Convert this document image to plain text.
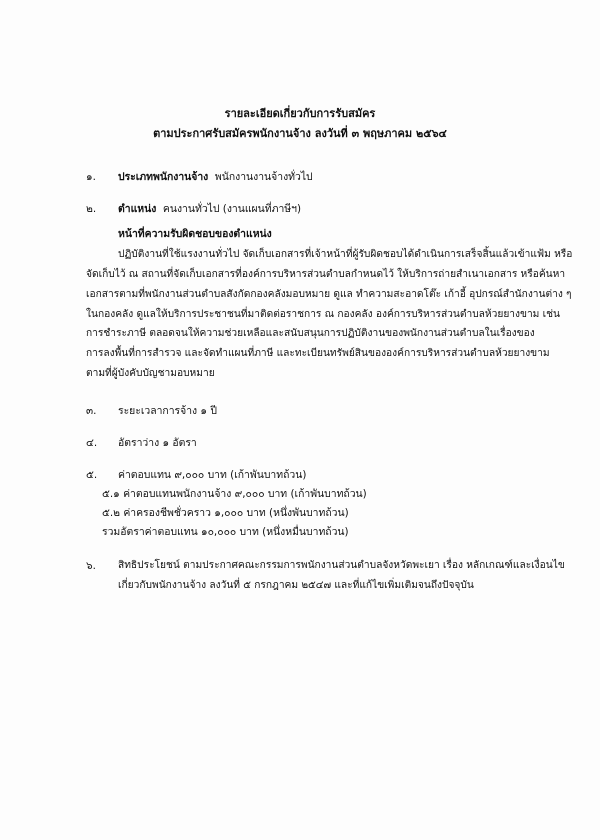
รายละเอียดเกี่ยวกับการรับสมัคร
ตามประกาศรับสมัครพนักงานจ้าง ลงวันที่ ๓ พฤษภาคม ๒๕๖๔
๑. ประเภทพนักงานจ้าง พนักงานงานจ้างทั่วไป
๒. ตำแหน่ง คนงานทั่วไป (งานแผนที่ภาษีฯ)
หน้าที่ความรับผิดชอบของตำแหน่ง
ปฏิบัติงานที่ใช้แรงงานทั่วไป จัดเก็บเอกสารที่เจ้าหน้าที่ผู้รับผิดชอบได้ดำเนินการเสร็จสิ้นแล้วเข้าแฟ้ม หรือ
จัดเก็บไว้ ณ สถานที่จัดเก็บเอกสารที่องค์การบริหารส่วนตำบลกำหนดไว้ ให้บริการถ่ายสำเนาเอกสาร หรือค้นหา
เอกสารตามที่พนักงานส่วนตำบลสังกัดกองคลังมอบหมาย ดูแล ทำความสะอาดโต๊ะ เก้าอี้ อุปกรณ์สำนักงานต่าง ๆ
ในกองคลัง ดูแลให้บริการประชาชนที่มาติดต่อราชการ ณ กองคลัง องค์การบริหารส่วนตำบลห้วยยางขาม เช่น
การชำระภาษี ตลอดจนให้ความช่วยเหลือและสนับสนุนการปฏิบัติงานของพนักงานส่วนตำบลในเรื่องของ
การลงพื้นที่การสำรวจ และจัดทำแผนที่ภาษี และทะเบียนทรัพย์สินขององค์การบริหารส่วนตำบลห้วยยางขาม
ตามที่ผู้บังคับบัญชามอบหมาย
๓. ระยะเวลาการจ้าง ๑ ปี
๔. อัตราว่าง ๑ อัตรา
๕. ค่าตอบแทน ๙,๐๐๐ บาท (เก้าพันบาทถ้วน)
๕.๑ ค่าตอบแทนพนักงานจ้าง ๙,๐๐๐ บาท (เก้าพันบาทถ้วน)
๕.๒ ค่าครองชีพชั่วคราว ๑,๐๐๐ บาท (หนึ่งพันบาทถ้วน)
รวมอัตราค่าตอบแทน ๑๐,๐๐๐ บาท (หนึ่งหมื่นบาทถ้วน)
๖. สิทธิประโยชน์ ตามประกาศคณะกรรมการพนักงานส่วนตำบลจังหวัดพะเยา เรื่อง หลักเกณฑ์และเงื่อนไข
เกี่ยวกับพนักงานจ้าง ลงวันที่ ๕ กรกฎาคม ๒๕๔๗ และที่แก้ไขเพิ่มเติมจนถึงปัจจุบัน
